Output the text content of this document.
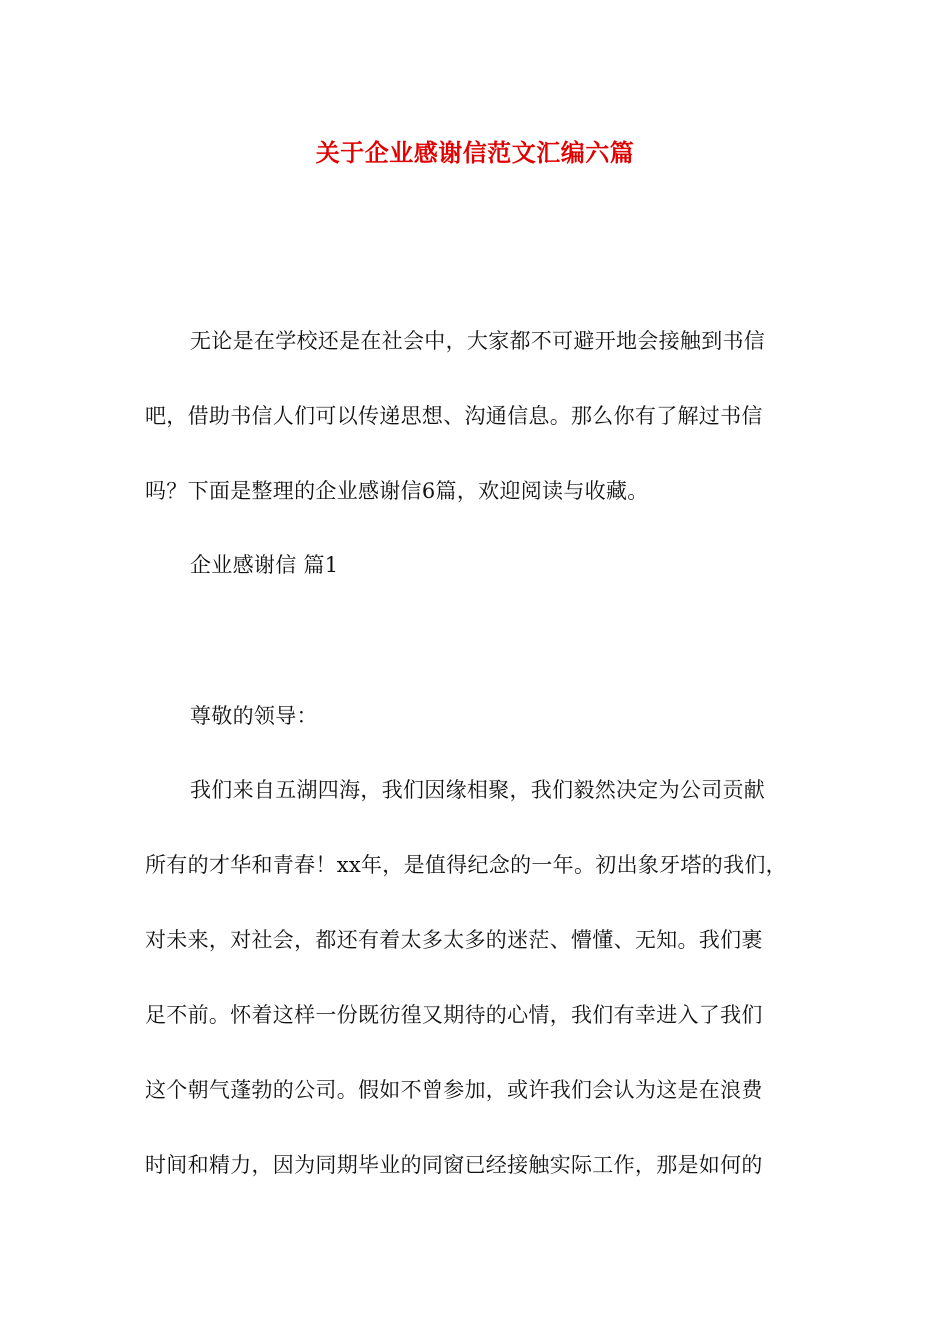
关于企业感谢信范文汇编六篇
无论是在学校还是在社会中，大家都不可避开地会接触到书信
吧，借助书信人们可以传递思想、沟通信息。那么你有了解过书信
吗？下面是整理的企业感谢信6篇，欢迎阅读与收藏。
企业感谢信 篇1
尊敬的领导：
我们来自五湖四海，我们因缘相聚，我们毅然决定为公司贡献
所有的才华和青春！xx年，是值得纪念的一年。初出象牙塔的我们，
对未来，对社会，都还有着太多太多的迷茫、懵懂、无知。我们裹
足不前。怀着这样一份既彷徨又期待的心情，我们有幸进入了我们
这个朝气蓬勃的公司。假如不曾参加，或许我们会认为这是在浪费
时间和精力，因为同期毕业的同窗已经接触实际工作，那是如何的
